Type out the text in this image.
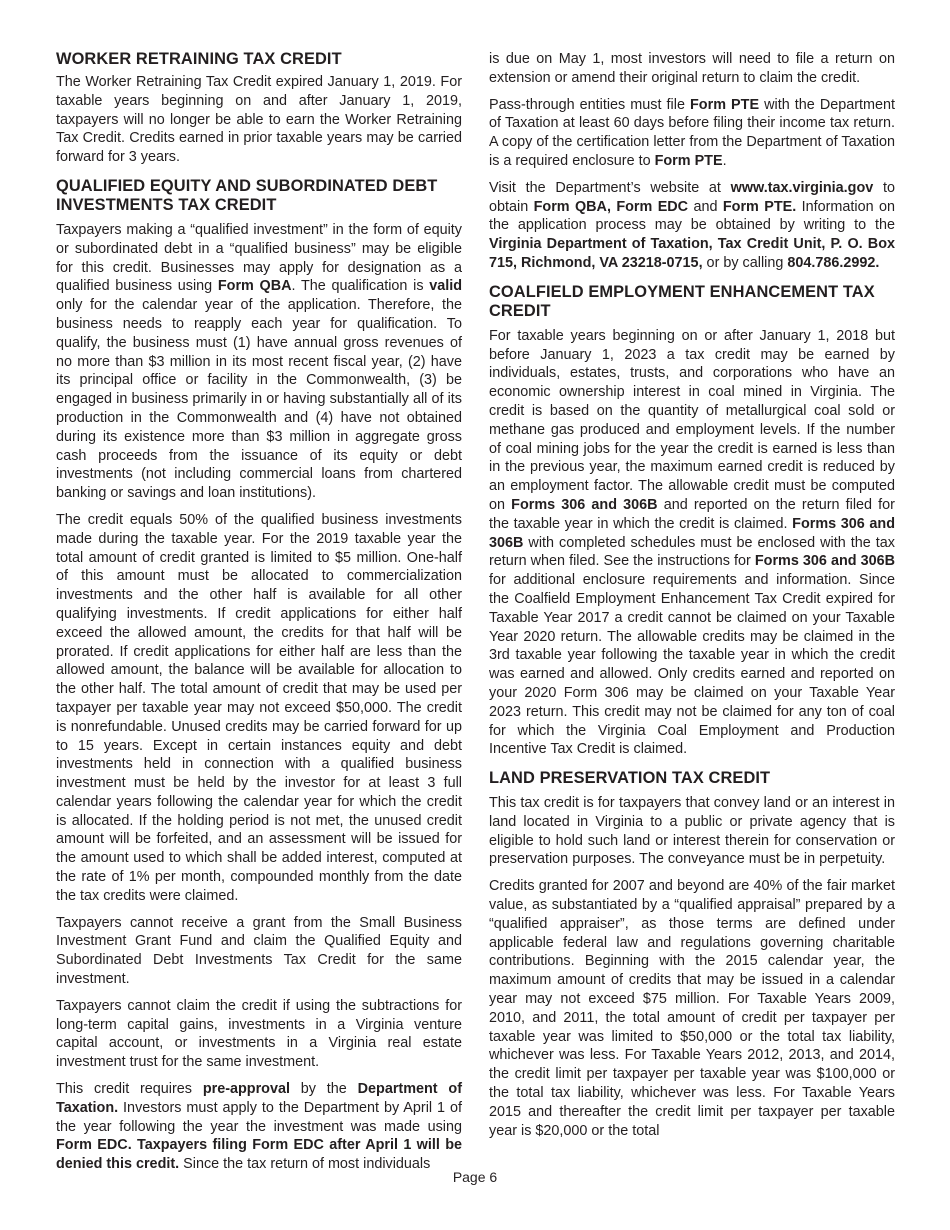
WORKER RETRAINING TAX CREDIT

The Worker Retraining Tax Credit expired January 1, 2019. For taxable years beginning on and after January 1, 2019, taxpayers will no longer be able to earn the Worker Retraining Tax Credit. Credits earned in prior taxable years may be carried forward for 3 years.

QUALIFIED EQUITY AND SUBORDINATED DEBT INVESTMENTS TAX CREDIT

Taxpayers making a “qualified investment” in the form of equity or subordinated debt in a “qualified business” may be eligible for this credit. Businesses may apply for designation as a qualified business using Form QBA. The qualification is valid only for the calendar year of the application. Therefore, the business needs to reapply each year for qualification. To qualify, the business must (1) have annual gross revenues of no more than $3 million in its most recent fiscal year, (2) have its principal office or facility in the Commonwealth, (3) be engaged in business primarily in or having substantially all of its production in the Commonwealth and (4) have not obtained during its existence more than $3 million in aggregate gross cash proceeds from the issuance of its equity or debt investments (not including commercial loans from chartered banking or savings and loan institutions).

The credit equals 50% of the qualified business investments made during the taxable year. For the 2019 taxable year the total amount of credit granted is limited to $5 million. One-half of this amount must be allocated to commercialization investments and the other half is available for all other qualifying investments. If credit applications for either half exceed the allowed amount, the credits for that half will be prorated. If credit applications for either half are less than the allowed amount, the balance will be available for allocation to the other half. The total amount of credit that may be used per taxpayer per taxable year may not exceed $50,000. The credit is nonrefundable. Unused credits may be carried forward for up to 15 years. Except in certain instances equity and debt investments held in connection with a qualified business investment must be held by the investor for at least 3 full calendar years following the calendar year for which the credit is allocated. If the holding period is not met, the unused credit amount will be forfeited, and an assessment will be issued for the amount used to which shall be added interest, computed at the rate of 1% per month, compounded monthly from the date the tax credits were claimed.

Taxpayers cannot receive a grant from the Small Business Investment Grant Fund and claim the Qualified Equity and Subordinated Debt Investments Tax Credit for the same investment.

Taxpayers cannot claim the credit if using the subtractions for long-term capital gains, investments in a Virginia venture capital account, or investments in a Virginia real estate investment trust for the same investment.

This credit requires pre-approval by the Department of Taxation. Investors must apply to the Department by April 1 of the year following the year the investment was made using Form EDC. Taxpayers filing Form EDC after April 1 will be denied this credit. Since the tax return of most individuals

is due on May 1, most investors will need to file a return on extension or amend their original return to claim the credit.

Pass-through entities must file Form PTE with the Department of Taxation at least 60 days before filing their income tax return. A copy of the certification letter from the Department of Taxation is a required enclosure to Form PTE.

Visit the Department’s website at www.tax.virginia.gov to obtain Form QBA, Form EDC and Form PTE. Information on the application process may be obtained by writing to the Virginia Department of Taxation, Tax Credit Unit, P. O. Box 715, Richmond, VA 23218-0715, or by calling 804.786.2992.

COALFIELD EMPLOYMENT ENHANCEMENT TAX CREDIT

For taxable years beginning on or after January 1, 2018 but before January 1, 2023 a tax credit may be earned by individuals, estates, trusts, and corporations who have an economic ownership interest in coal mined in Virginia. The credit is based on the quantity of metallurgical coal sold or methane gas produced and employment levels. If the number of coal mining jobs for the year the credit is earned is less than in the previous year, the maximum earned credit is reduced by an employment factor. The allowable credit must be computed on Forms 306 and 306B and reported on the return filed for the taxable year in which the credit is claimed. Forms 306 and 306B with completed schedules must be enclosed with the tax return when filed. See the instructions for Forms 306 and 306B for additional enclosure requirements and information. Since the Coalfield Employment Enhancement Tax Credit expired for Taxable Year 2017 a credit cannot be claimed on your Taxable Year 2020 return. The allowable credits may be claimed in the 3rd taxable year following the taxable year in which the credit was earned and allowed. Only credits earned and reported on your 2020 Form 306 may be claimed on your Taxable Year 2023 return. This credit may not be claimed for any ton of coal for which the Virginia Coal Employment and Production Incentive Tax Credit is claimed.

LAND PRESERVATION TAX CREDIT

This tax credit is for taxpayers that convey land or an interest in land located in Virginia to a public or private agency that is eligible to hold such land or interest therein for conservation or preservation purposes. The conveyance must be in perpetuity.

Credits granted for 2007 and beyond are 40% of the fair market value, as substantiated by a “qualified appraisal” prepared by a “qualified appraiser”, as those terms are defined under applicable federal law and regulations governing charitable contributions. Beginning with the 2015 calendar year, the maximum amount of credits that may be issued in a calendar year may not exceed $75 million. For Taxable Years 2009, 2010, and 2011, the total amount of credit per taxpayer per taxable year was limited to $50,000 or the total tax liability, whichever was less. For Taxable Years 2012, 2013, and 2014, the credit limit per taxpayer per taxable year was $100,000 or the total tax liability, whichever was less. For Taxable Years 2015 and thereafter the credit limit per taxpayer per taxable year is $20,000 or the total

Page 6
